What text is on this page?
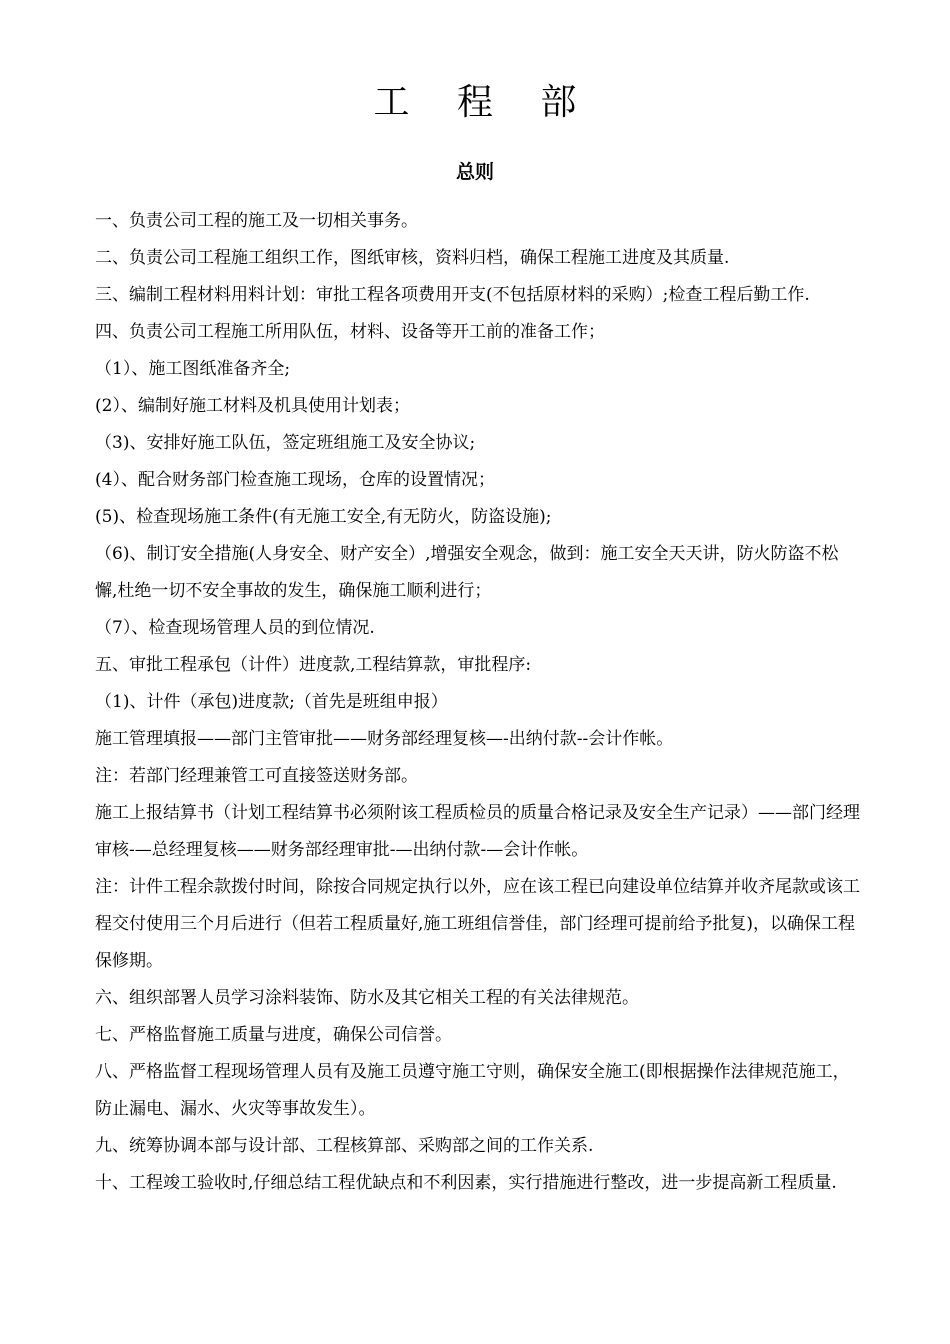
工 程 部
总则

一、负责公司工程的施工及一切相关事务。

二、负责公司工程施工组织工作，图纸审核，资料归档，确保工程施工进度及其质量.

三、编制工程材料用料计划：审批工程各项费用开支(不包括原材料的采购）;检查工程后勤工作.

四、负责公司工程施工所用队伍，材料、设备等开工前的准备工作；

（1）、施工图纸准备齐全;

(2）、编制好施工材料及机具使用计划表；

（3)、安排好施工队伍，签定班组施工及安全协议;

(4）、配合财务部门检查施工现场，仓库的设置情况；

(5)、检查现场施工条件(有无施工安全,有无防火，防盗设施);

（6)、制订安全措施(人身安全、财产安全）,增强安全观念，做到：施工安全天天讲，防火防盗不松懈,杜绝一切不安全事故的发生，确保施工顺利进行；

（7）、检查现场管理人员的到位情况.

五、审批工程承包（计件）进度款,工程结算款，审批程序:

（1)、计件（承包)进度款;（首先是班组申报）

施工管理填报——部门主管审批——财务部经理复核—-出纳付款--会计作帐。

注：若部门经理兼管工可直接签送财务部。

施工上报结算书（计划工程结算书必须附该工程质检员的质量合格记录及安全生产记录）——部门经理审核-—总经理复核——财务部经理审批-—出纳付款-—会计作帐。

注：计件工程余款拨付时间，除按合同规定执行以外，应在该工程已向建设单位结算并收齐尾款或该工程交付使用三个月后进行（但若工程质量好,施工班组信誉佳，部门经理可提前给予批复)，以确保工程保修期。

六、组织部署人员学习涂料装饰、防水及其它相关工程的有关法律规范。

七、严格监督施工质量与进度，确保公司信誉。

八、严格监督工程现场管理人员有及施工员遵守施工守则，确保安全施工(即根据操作法律规范施工，防止漏电、漏水、火灾等事故发生）。

九、统筹协调本部与设计部、工程核算部、采购部之间的工作关系.

十、工程竣工验收时,仔细总结工程优缺点和不利因素，实行措施进行整改，进一步提高新工程质量.
